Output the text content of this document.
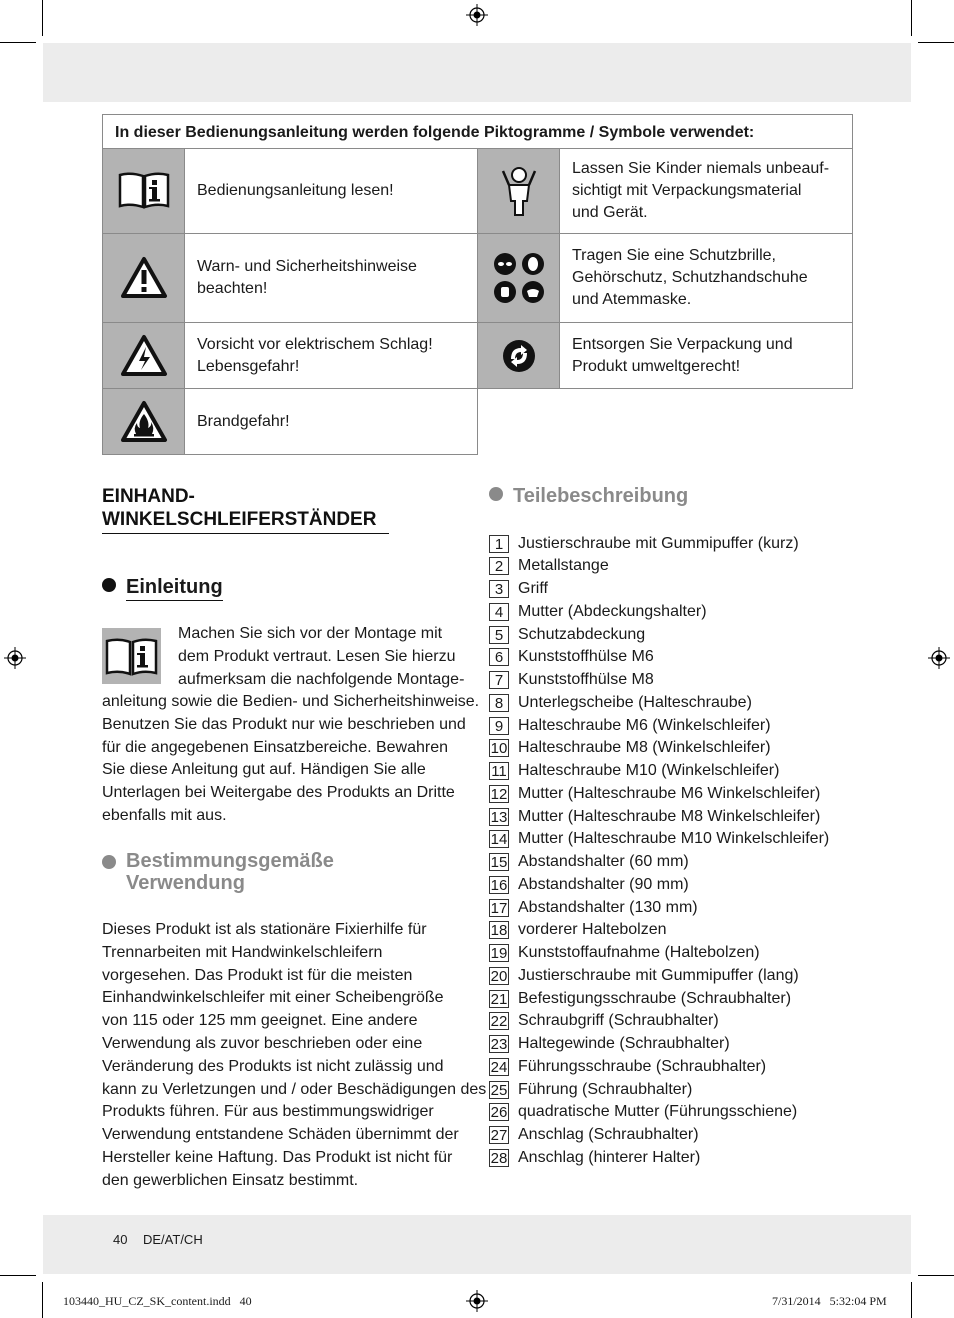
In dieser Bedienungsanleitung werden folgende Piktogramme / Symbole verwendet:
Bedienungsanleitung lesen!
Lassen Sie Kinder niemals unbeauf-
sichtigt mit Verpackungsmaterial
und Gerät.
Warn- und Sicherheitshinweise
beachten!
Tragen Sie eine Schutzbrille,
Gehörschutz, Schutzhandschuhe
und Atemmaske.
Vorsicht vor elektrischem Schlag!
Lebensgefahr!
Entsorgen Sie Verpackung und
Produkt umweltgerecht!
Brandgefahr!
EINHAND-
WINKELSCHLEIFERSTÄNDER
Einleitung
Machen Sie sich vor der Montage mit
dem Produkt vertraut. Lesen Sie hierzu
aufmerksam die nachfolgende Montage-
anleitung sowie die Bedien- und Sicherheitshinweise.
Benutzen Sie das Produkt nur wie beschrieben und
für die angegebenen Einsatzbereiche. Bewahren
Sie diese Anleitung gut auf. Händigen Sie alle
Unterlagen bei Weitergabe des Produkts an Dritte
ebenfalls mit aus.
Bestimmungsgemäße
Verwendung
Dieses Produkt ist als stationäre Fixierhilfe für
Trennarbeiten mit Handwinkelschleifern
vorgesehen. Das Produkt ist für die meisten
Einhandwinkelschleifer mit einer Scheibengröße
von 115 oder 125 mm geeignet. Eine andere
Verwendung als zuvor beschrieben oder eine
Veränderung des Produkts ist nicht zulässig und
kann zu Verletzungen und / oder Beschädigungen des
Produkts führen. Für aus bestimmungswidriger
Verwendung entstandene Schäden übernimmt der
Hersteller keine Haftung. Das Produkt ist nicht für
den gewerblichen Einsatz bestimmt.
Teilebeschreibung
1 Justierschraube mit Gummipuffer (kurz)
2 Metallstange
3 Griff
4 Mutter (Abdeckungshalter)
5 Schutzabdeckung
6 Kunststoffhülse M6
7 Kunststoffhülse M8
8 Unterlegscheibe (Halteschraube)
9 Halteschraube M6 (Winkelschleifer)
10 Halteschraube M8 (Winkelschleifer)
11 Halteschraube M10 (Winkelschleifer)
12 Mutter (Halteschraube M6 Winkelschleifer)
13 Mutter (Halteschraube M8 Winkelschleifer)
14 Mutter (Halteschraube M10 Winkelschleifer)
15 Abstandshalter (60 mm)
16 Abstandshalter (90 mm)
17 Abstandshalter (130 mm)
18 vorderer Haltebolzen
19 Kunststoffaufnahme (Haltebolzen)
20 Justierschraube mit Gummipuffer (lang)
21 Befestigungsschraube (Schraubhalter)
22 Schraubgriff (Schraubhalter)
23 Haltegewinde (Schraubhalter)
24 Führungsschraube (Schraubhalter)
25 Führung (Schraubhalter)
26 quadratische Mutter (Führungsschiene)
27 Anschlag (Schraubhalter)
28 Anschlag (hinterer Halter)
40 DE/AT/CH
103440_HU_CZ_SK_content.indd   40	7/31/2014   5:32:04 PM
